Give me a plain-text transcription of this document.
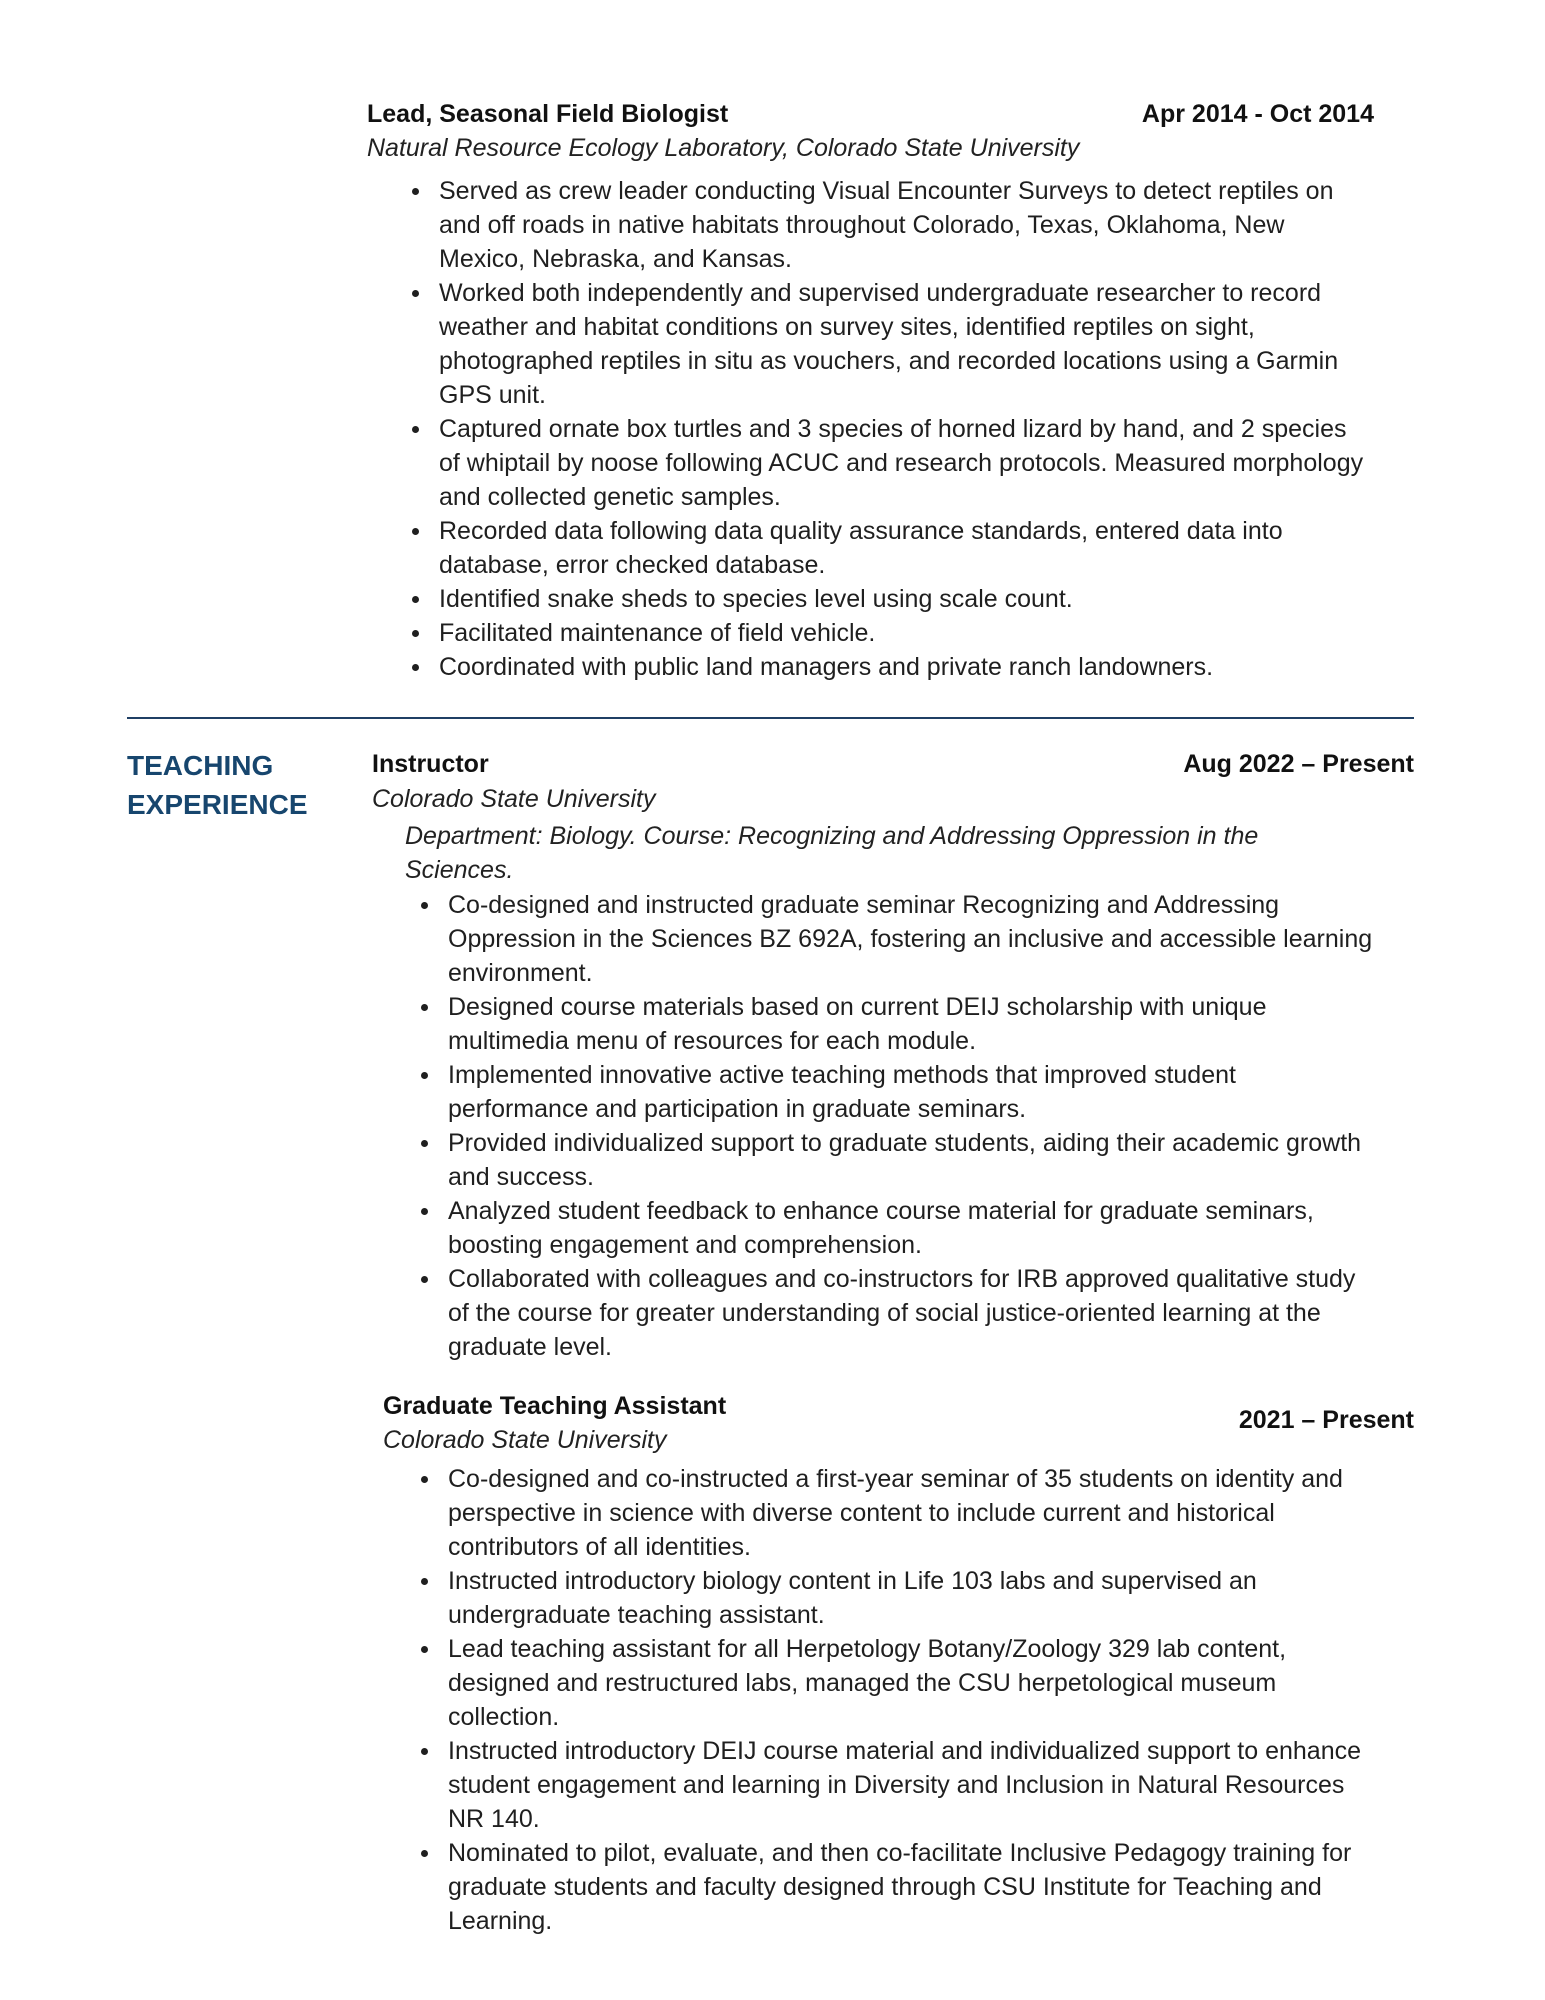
Lead, Seasonal Field Biologist	Apr 2014 - Oct 2014
Natural Resource Ecology Laboratory, Colorado State University
Served as crew leader conducting Visual Encounter Surveys to detect reptiles on and off roads in native habitats throughout Colorado, Texas, Oklahoma, New Mexico, Nebraska, and Kansas.
Worked both independently and supervised undergraduate researcher to record weather and habitat conditions on survey sites, identified reptiles on sight, photographed reptiles in situ as vouchers, and recorded locations using a Garmin GPS unit.
Captured ornate box turtles and 3 species of horned lizard by hand, and 2 species of whiptail by noose following ACUC and research protocols. Measured morphology and collected genetic samples.
Recorded data following data quality assurance standards, entered data into database, error checked database.
Identified snake sheds to species level using scale count.
Facilitated maintenance of field vehicle.
Coordinated with public land managers and private ranch landowners.
TEACHING
EXPERIENCE
Instructor	Aug 2022 – Present
Colorado State University
Department: Biology. Course: Recognizing and Addressing Oppression in the Sciences.
Co-designed and instructed graduate seminar Recognizing and Addressing Oppression in the Sciences BZ 692A, fostering an inclusive and accessible learning environment.
Designed course materials based on current DEIJ scholarship with unique multimedia menu of resources for each module.
Implemented innovative active teaching methods that improved student performance and participation in graduate seminars.
Provided individualized support to graduate students, aiding their academic growth and success.
Analyzed student feedback to enhance course material for graduate seminars, boosting engagement and comprehension.
Collaborated with colleagues and co-instructors for IRB approved qualitative study of the course for greater understanding of social justice-oriented learning at the graduate level.
Graduate Teaching Assistant	2021 – Present
Colorado State University
Co-designed and co-instructed a first-year seminar of 35 students on identity and perspective in science with diverse content to include current and historical contributors of all identities.
Instructed introductory biology content in Life 103 labs and supervised an undergraduate teaching assistant.
Lead teaching assistant for all Herpetology Botany/Zoology 329 lab content, designed and restructured labs, managed the CSU herpetological museum collection.
Instructed introductory DEIJ course material and individualized support to enhance student engagement and learning in Diversity and Inclusion in Natural Resources NR 140.
Nominated to pilot, evaluate, and then co-facilitate Inclusive Pedagogy training for graduate students and faculty designed through CSU Institute for Teaching and Learning.
